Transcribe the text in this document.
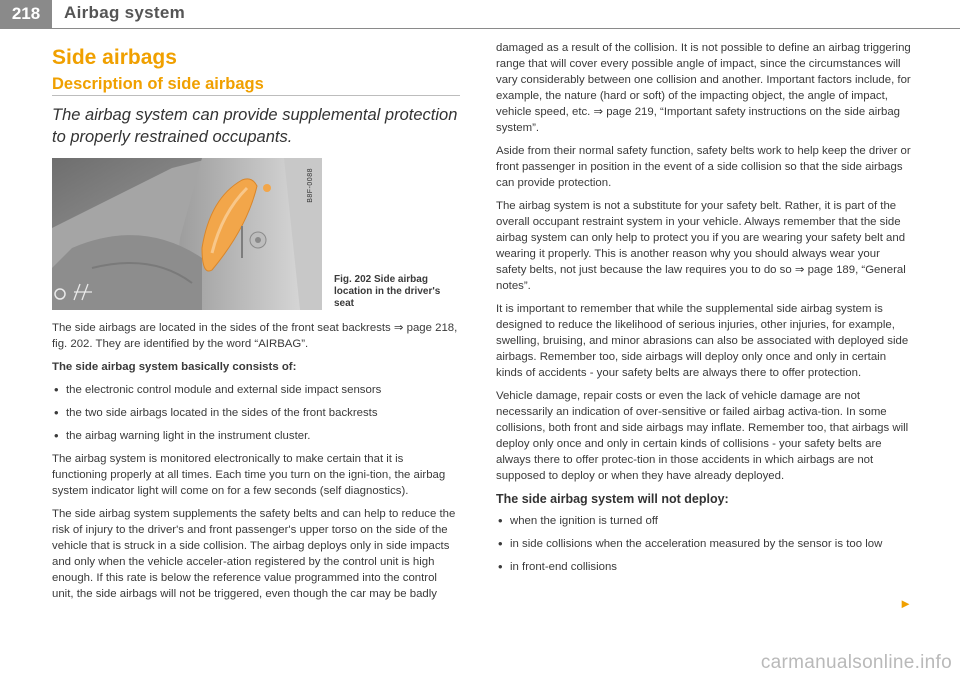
218	Airbag system
Side airbags
Description of side airbags
The airbag system can provide supplemental protection to properly restrained occupants.
B8F-0088
Fig. 202 Side airbag location in the driver's seat

The side airbags are located in the sides of the front seat backrests ⇒ page 218, fig. 202. They are identified by the word “AIRBAG”.

The side airbag system basically consists of:
• the electronic control module and external side impact sensors
• the two side airbags located in the sides of the front backrests
• the airbag warning light in the instrument cluster.

The airbag system is monitored electronically to make certain that it is functioning properly at all times. Each time you turn on the igni-tion, the airbag system indicator light will come on for a few seconds (self diagnostics).

The side airbag system supplements the safety belts and can help to reduce the risk of injury to the driver's and front passenger's upper torso on the side of the vehicle that is struck in a side collision. The airbag deploys only in side impacts and only when the vehicle acceler-ation registered by the control unit is high enough. If this rate is below the reference value programmed into the control unit, the side airbags will not be triggered, even though the car may be badly

damaged as a result of the collision. It is not possible to define an airbag triggering range that will cover every possible angle of impact, since the circumstances will vary considerably between one collision and another. Important factors include, for example, the nature (hard or soft) of the impacting object, the angle of impact, vehicle speed, etc. ⇒ page 219, “Important safety instructions on the side airbag system”.

Aside from their normal safety function, safety belts work to help keep the driver or front passenger in position in the event of a side collision so that the side airbags can provide protection.

The airbag system is not a substitute for your safety belt. Rather, it is part of the overall occupant restraint system in your vehicle. Always remember that the side airbag system can only help to protect you if you are wearing your safety belt and wearing it properly. This is another reason why you should always wear your safety belts, not just because the law requires you to do so ⇒ page 189, “General notes”.

It is important to remember that while the supplemental side airbag system is designed to reduce the likelihood of serious injuries, other injuries, for example, swelling, bruising, and minor abrasions can also be associated with deployed side airbags. Remember too, side airbags will deploy only once and only in certain kinds of accidents - your safety belts are always there to offer protection.

Vehicle damage, repair costs or even the lack of vehicle damage are not necessarily an indication of over-sensitive or failed airbag activa-tion. In some collisions, both front and side airbags may inflate. Remember too, that airbags will deploy only once and only in certain kinds of collisions - your safety belts are always there to offer protec-tion in those accidents in which airbags are not supposed to deploy or when they have already deployed.

The side airbag system will not deploy:
• when the ignition is turned off
• in side collisions when the acceleration measured by the sensor is too low
• in front-end collisions
►
carmanualsonline.info
